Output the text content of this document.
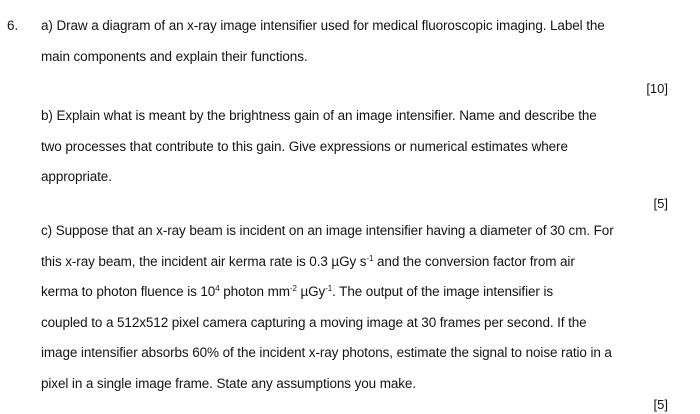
6. a) Draw a diagram of an x-ray image intensifier used for medical fluoroscopic imaging. Label the
main components and explain their functions.
[10]
b) Explain what is meant by the brightness gain of an image intensifier. Name and describe the
two processes that contribute to this gain. Give expressions or numerical estimates where
appropriate.
[5]
c) Suppose that an x-ray beam is incident on an image intensifier having a diameter of 30 cm. For
this x-ray beam, the incident air kerma rate is 0.3 µGy $s^{-1}$ and the conversion factor from air
kerma to photon fluence is $10^4$ photon $mm^{-2}$ µGy$^{-1}$. The output of the image intensifier is
coupled to a 512x512 pixel camera capturing a moving image at 30 frames per second. If the
image intensifier absorbs 60% of the incident x-ray photons, estimate the signal to noise ratio in a
pixel in a single image frame. State any assumptions you make.
[5]
